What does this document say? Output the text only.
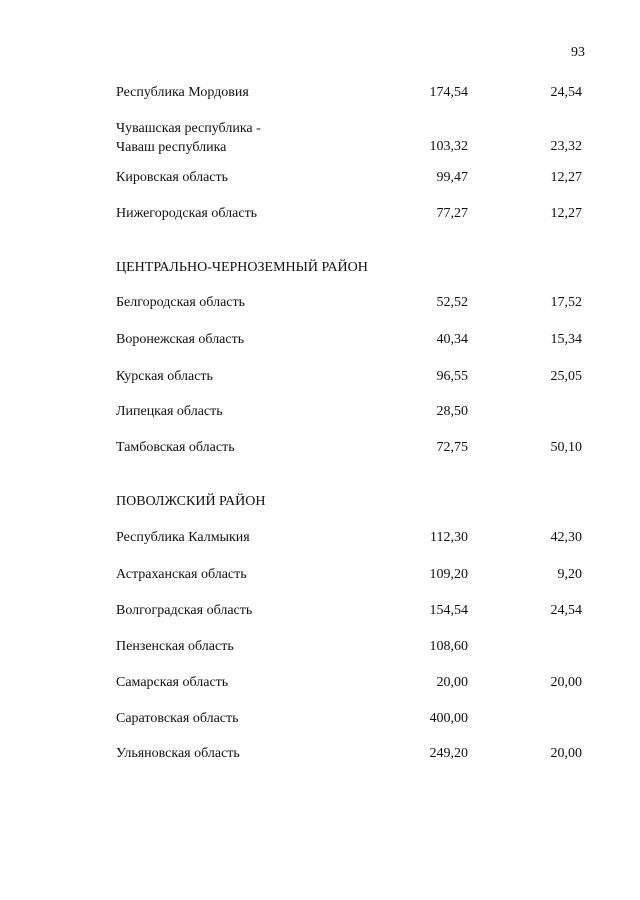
93
Республика Мордовия	174,54	24,54
Чувашская республика -
Чаваш республика	103,32	23,32
Кировская область	99,47	12,27
Нижегородская область	77,27	12,27
ЦЕНТРАЛЬНО-ЧЕРНОЗЕМНЫЙ РАЙОН
Белгородская область	52,52	17,52
Воронежская область	40,34	15,34
Курская область	96,55	25,05
Липецкая область	28,50
Тамбовская область	72,75	50,10
ПОВОЛЖСКИЙ РАЙОН
Республика Калмыкия	112,30	42,30
Астраханская область	109,20	9,20
Волгоградская область	154,54	24,54
Пензенская область	108,60
Самарская область	20,00	20,00
Саратовская область	400,00
Ульяновская область	249,20	20,00
